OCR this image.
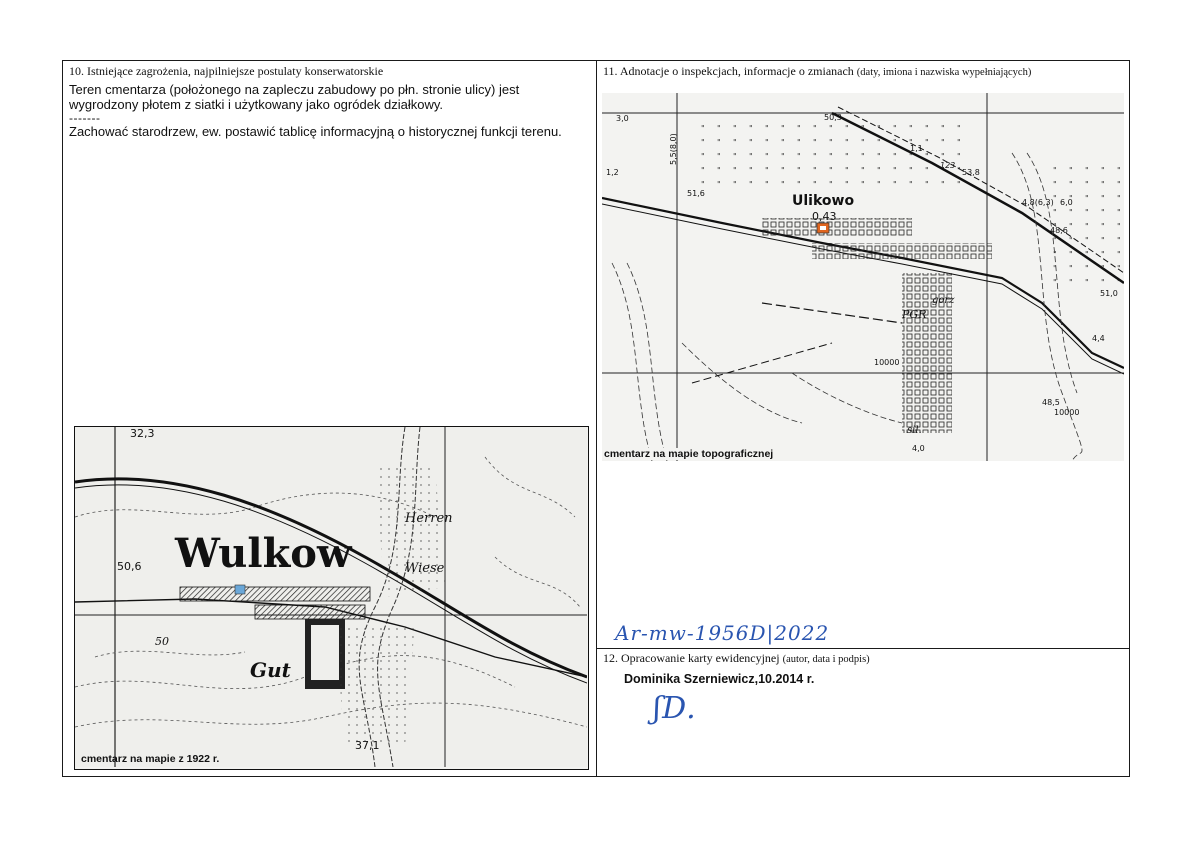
10. Istniejące zagrożenia, najpilniejsze postulaty konserwatorskie
Teren cmentarza (położonego na zapleczu zabudowy po płn. stronie ulicy) jest
wygrodzony płotem z siatki i użytkowany jako ogródek działkowy.
-------
Zachować starodrzew, ew. postawić tablicę informacyjną o historycznej funkcji terenu.
Wulkow
Herren
Wiese
Gut
32,3
50,6
50
37,1
cmentarz na mapie z 1922 r.
11. Adnotacje o inspekcjach, informacje o zmianach (daty, imiona i nazwiska wypełniających)
Ulikowo
0,43
PGR
gorz
sil.
50,3
51,6
3,0
1,2
1,1
123
53,8
48,6
51,0
4,4
4,0
10000
10000
4,8(6,3) 6,0
48,5
5,5(8,0)
cmentarz na mapie topograficznej
Ar-mw-1956D|2022
12. Opracowanie karty ewidencyjnej (autor, data i podpis)
Dominika Szerniewicz,10.2014 r.
ʃD.
